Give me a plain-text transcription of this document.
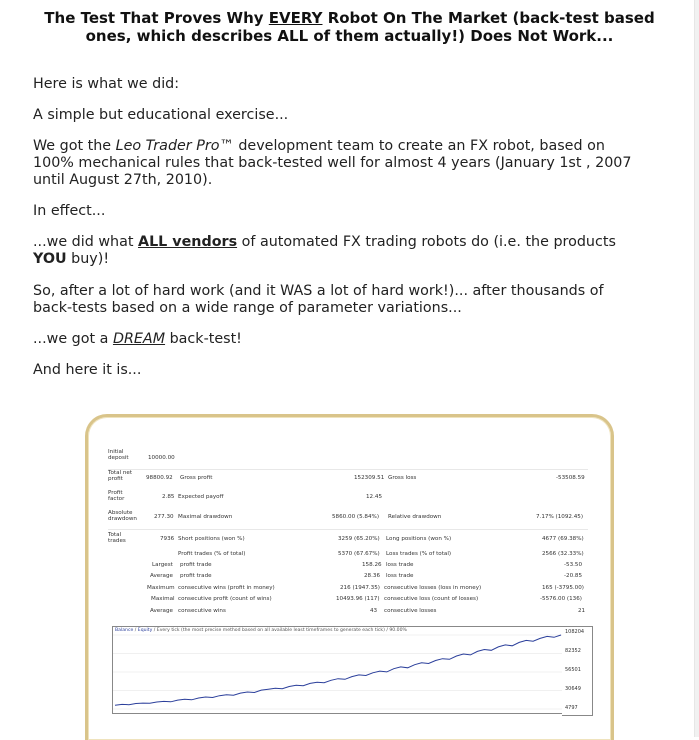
The Test That Proves Why EVERY Robot On The Market (back-test based
ones, which describes ALL of them actually!) Does Not Work...
Here is what we did:
A simple but educational exercise...
We got the Leo Trader Pro™ development team to create an FX robot, based on
100% mechanical rules that back-tested well for almost 4 years (January 1st , 2007
until August 27th, 2010).
In effect...
...we did what ALL vendors of automated FX trading robots do (i.e. the products
YOU buy)!
So, after a lot of hard work (and it WAS a lot of hard work!)... after thousands of
back-tests based on a wide range of parameter variations...
...we got a DREAM back-test!
And here it is...
Initial deposit	10000.00
Total net profit	98800.92 Gross profit	152309.51 Gross loss	-53508.59
Profit factor	2.85 Expected payoff	12.45
Absolute drawdown	277.30 Maximal drawdown	5860.00 (5.84%) Relative drawdown	7.17% (1092.45)
Total trades	7936 Short positions (won %)	3259 (65.20%) Long positions (won %)	4677 (69.38%)
Profit trades (% of total)	5370 (67.67%) Loss trades (% of total)	2566 (32.33%)
Largest profit trade	158.26 loss trade	-53.50
Average profit trade	28.36 loss trade	-20.85
Maximum consecutive wins (profit in money)	216 (1947.35) consecutive losses (loss in money)	165 (-3795.00)
Maximal consecutive profit (count of wins)	10493.96 (117) consecutive loss (count of losses)	-5576.00 (136)
Average consecutive wins	43 consecutive losses	21
Balance / Equity / Every tick (the most precise method based on all available least timeframes to generate each tick) / 90.00%	108204
82352
56501
30649
4797
